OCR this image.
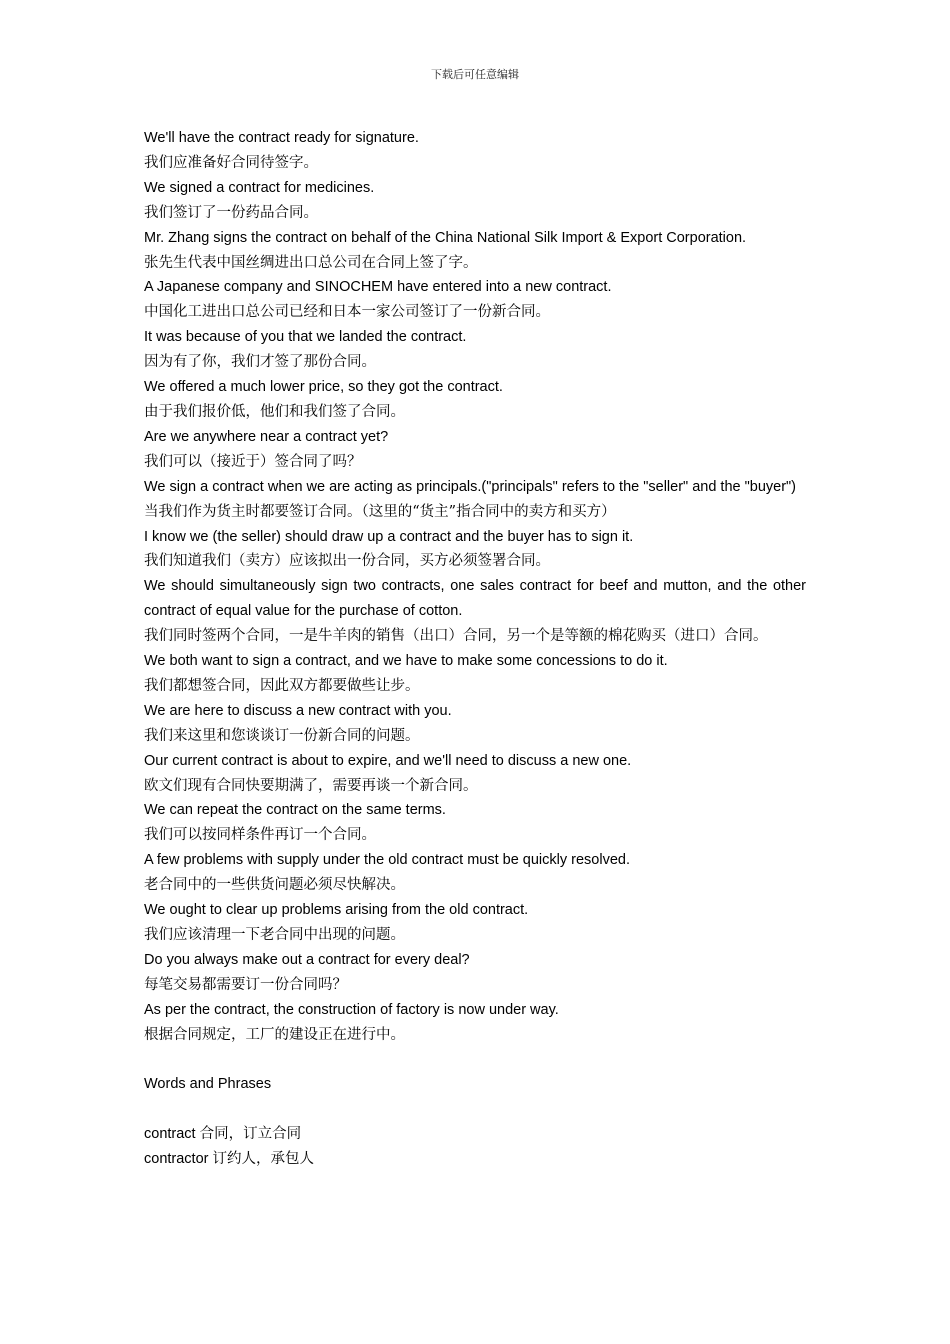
下载后可任意编辑

We'll have the contract ready for signature.

我们应准备好合同待签字。

We signed a contract for medicines.

我们签订了一份药品合同。

Mr. Zhang signs the contract on behalf of the China National Silk Import & Export Corporation.

张先生代表中国丝绸进出口总公司在合同上签了字。

A Japanese company and SINOCHEM have entered into a new contract.

中国化工进出口总公司已经和日本一家公司签订了一份新合同。

It was because of you that we landed the contract.

因为有了你，我们才签了那份合同。

We offered a much lower price, so they got the contract.

由于我们报价低，他们和我们签了合同。

Are we anywhere near a contract yet?

我们可以（接近于）签合同了吗？

We sign a contract when we are acting as principals.("principals" refers to the "seller" and the "buyer")

当我们作为货主时都要签订合同。（这里的“货主”指合同中的卖方和买方）

I know we (the seller) should draw up a contract and the buyer has to sign it.

我们知道我们（卖方）应该拟出一份合同，买方必须签署合同。

We should simultaneously sign two contracts, one sales contract for beef and mutton, and the other contract of equal value for the purchase of cotton.

我们同时签两个合同，一是牛羊肉的销售（出口）合同，另一个是等额的棉花购买（进口）合同。

We both want to sign a contract, and we have to make some concessions to do it.

我们都想签合同，因此双方都要做些让步。

We are here to discuss a new contract with you.

我们来这里和您谈谈订一份新合同的问题。

Our current contract is about to expire, and we'll need to discuss a new one.

欧文们现有合同快要期满了，需要再谈一个新合同。

We can repeat the contract on the same terms.

我们可以按同样条件再订一个合同。

A few problems with supply under the old contract must be quickly resolved.

老合同中的一些供货问题必须尽快解决。

We ought to clear up problems arising from the old contract.

我们应该清理一下老合同中出现的问题。

Do you always make out a contract for every deal?

每笔交易都需要订一份合同吗？

As per the contract, the construction of factory is now under way.

根据合同规定，工厂的建设正在进行中。

Words and Phrases

contract 合同，订立合同

contractor 订约人，承包人
